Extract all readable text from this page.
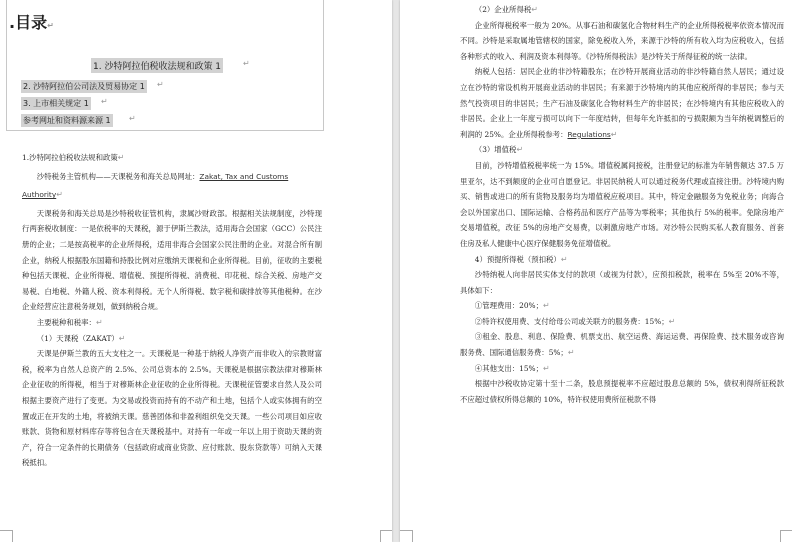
.目录↵
1. 沙特阿拉伯税收法规和政策 1	↵
2. 沙特阿拉伯公司法及贸易协定 1 ↵
3. 上市相关规定 1 ↵
参考网址和资料源来源 1 ↵

1.沙特阿拉伯税收法规和政策↵

沙特税务主管机构——天课税务和海关总局网址：Zakat, Tax and Customs

Authority↵

天课税务和海关总局是沙特税收征管机构，隶属沙财政部。根据相关法规制度，沙特现行两套税收制度：一是依税率的天课税，源于伊斯兰教法，适用海合会国家（GCC）公民注册的企业；二是按高税率的企业所得税，适用非海合会国家公民注册的企业。对混合所有制企业，纳税人根据股东国籍和持股比例对应缴纳天课税和企业所得税。目前，征收的主要税种包括天课税、企业所得税、增值税、预提所得税、消费税、印花税、综合关税、房地产交易税、白地税、外籍人税、资本利得税。无个人所得税、数字税和碳排放等其他税种。在沙企业经营应注意税务规划，做到纳税合规。

主要税种和税率：↵

（1）天课税（ZAKAT）↵

天课是伊斯兰教的五大支柱之一。天课税是一种基于纳税人净资产而非收入的宗教财富税，税率为自然人总资产的 2.5%、公司总资本的 2.5%。天课税是根据宗教法律对穆斯林企业征收的所得税，相当于对穆斯林企业征收的企业所得税。天课税征管要求自然人及公司根据主要资产进行了变更。为交易或投资而持有的不动产和土地，包括个人或实体拥有的空置或正在开发的土地，将被纳天课。慈善团体和非盈利组织免交天课。一些公司项目如应收账款、货物和原材料库存等将包含在天课税基中。对持有一年或一年以上用于资助天课的资产，符合一定条件的长期债务（包括政府或商业贷款、应付账款、股东贷款等）可纳入天课税抵扣。

（2）企业所得税↵

企业所得税税率一般为 20%。从事石油和碳氢化合物材料生产的企业所得税税率依资本情况而不同。沙特是采取属地管辖权的国家，除免税收入外，来源于沙特的所有收入均为应税收入，包括各种形式的收入、利润及资本利得等。《沙特所得税法》是沙特关于所得征税的统一法律。

纳税人包括：居民企业的非沙特籍股东；在沙特开展商业活动的非沙特籍自然人居民；通过设立在沙特的常设机构开展商业活动的非居民；有来源于沙特境内的其他应税所得的非居民；参与天然气投资项目的非居民；生产石油及碳氢化合物材料生产的非居民；在沙特境内有其他应税收入的非居民。企业上一年度亏损可以向下一年度结转，但每年允许抵扣的亏损限额为当年纳税调整后的利润的 25%。企业所得税参考：Regulations↵

（3）增值税↵

目前，沙特增值税税率统一为 15%。增值税属间接税，注册登记的标准为年销售额达 37.5 万里亚尔，达不到额度的企业可自愿登记。非居民纳税人可以通过税务代理或直接注册。沙特境内购买、销售或进口的所有货物及服务均为增值税应税项目。其中，特定金融服务为免税业务；向海合会以外国家出口、国际运输、合格药品和医疗产品等为零税率；其他执行 5%的税率。免除房地产交易增值税，改征 5%的房地产交易费，以刺激房地产市场。对沙特公民购买私人教育服务、首套住房及私人健康中心医疗保健服务免征增值税。

4）预提所得税（预扣税）↵

沙特纳税人向非居民实体支付的款项（或视为付款），应预扣税款，税率在 5%至 20%不等，具体如下：

①管理费用：20%；↵

②特许权使用费、支付给母公司或关联方的服务费：15%；↵

③租金、股息、利息、保险费、机票支出、航空运费、海运运费、再保险费、技术服务或咨询服务费、国际通信服务费：5%；↵

④其他支出：15%；↵

根据中沙税收协定第十至十二条，股息预提税率不应超过股息总额的 5%，债权利得所征税款不应超过债权所得总额的 10%，特许权使用费所征税款不得
